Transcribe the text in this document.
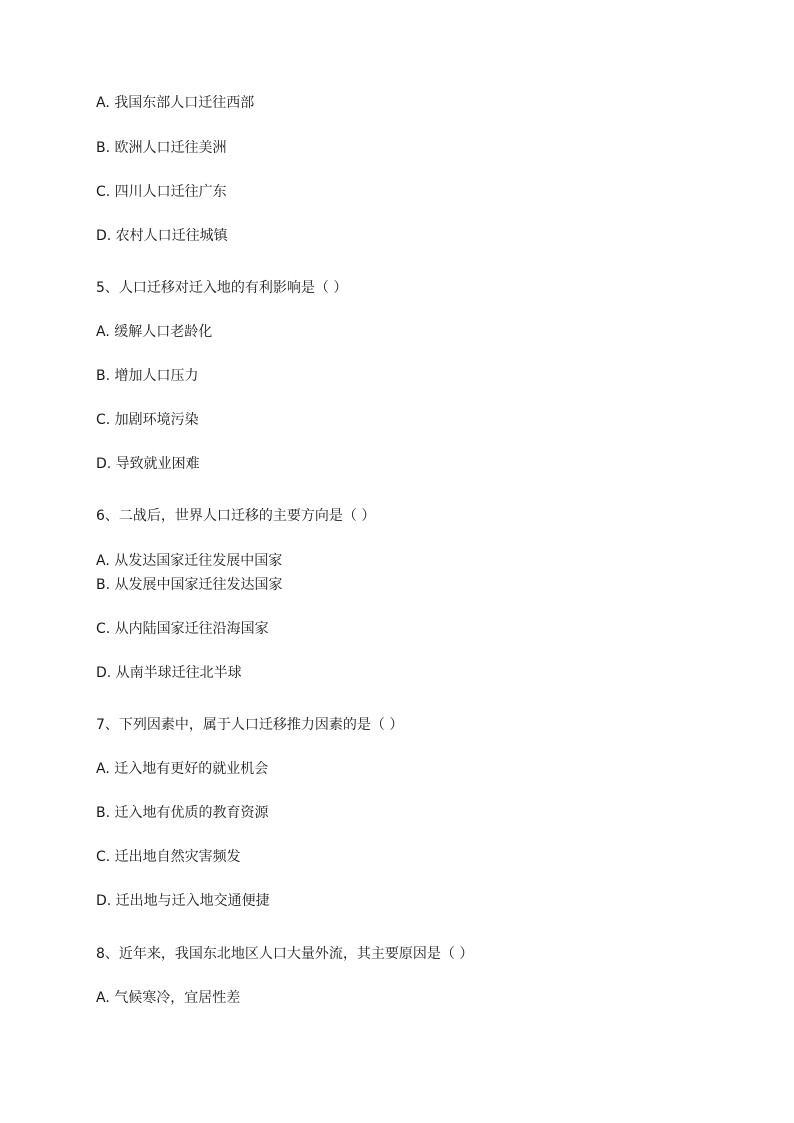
A. 我国东部人口迁往西部
B. 欧洲人口迁往美洲
C. 四川人口迁往广东
D. 农村人口迁往城镇
5、人口迁移对迁入地的有利影响是（ ）
A. 缓解人口老龄化
B. 增加人口压力
C. 加剧环境污染
D. 导致就业困难
6、二战后，世界人口迁移的主要方向是（ ）
A. 从发达国家迁往发展中国家
B. 从发展中国家迁往发达国家
C. 从内陆国家迁往沿海国家
D. 从南半球迁往北半球
7、下列因素中，属于人口迁移推力因素的是（ ）
A. 迁入地有更好的就业机会
B. 迁入地有优质的教育资源
C. 迁出地自然灾害频发
D. 迁出地与迁入地交通便捷
8、近年来，我国东北地区人口大量外流，其主要原因是（ ）
A. 气候寒冷，宜居性差
